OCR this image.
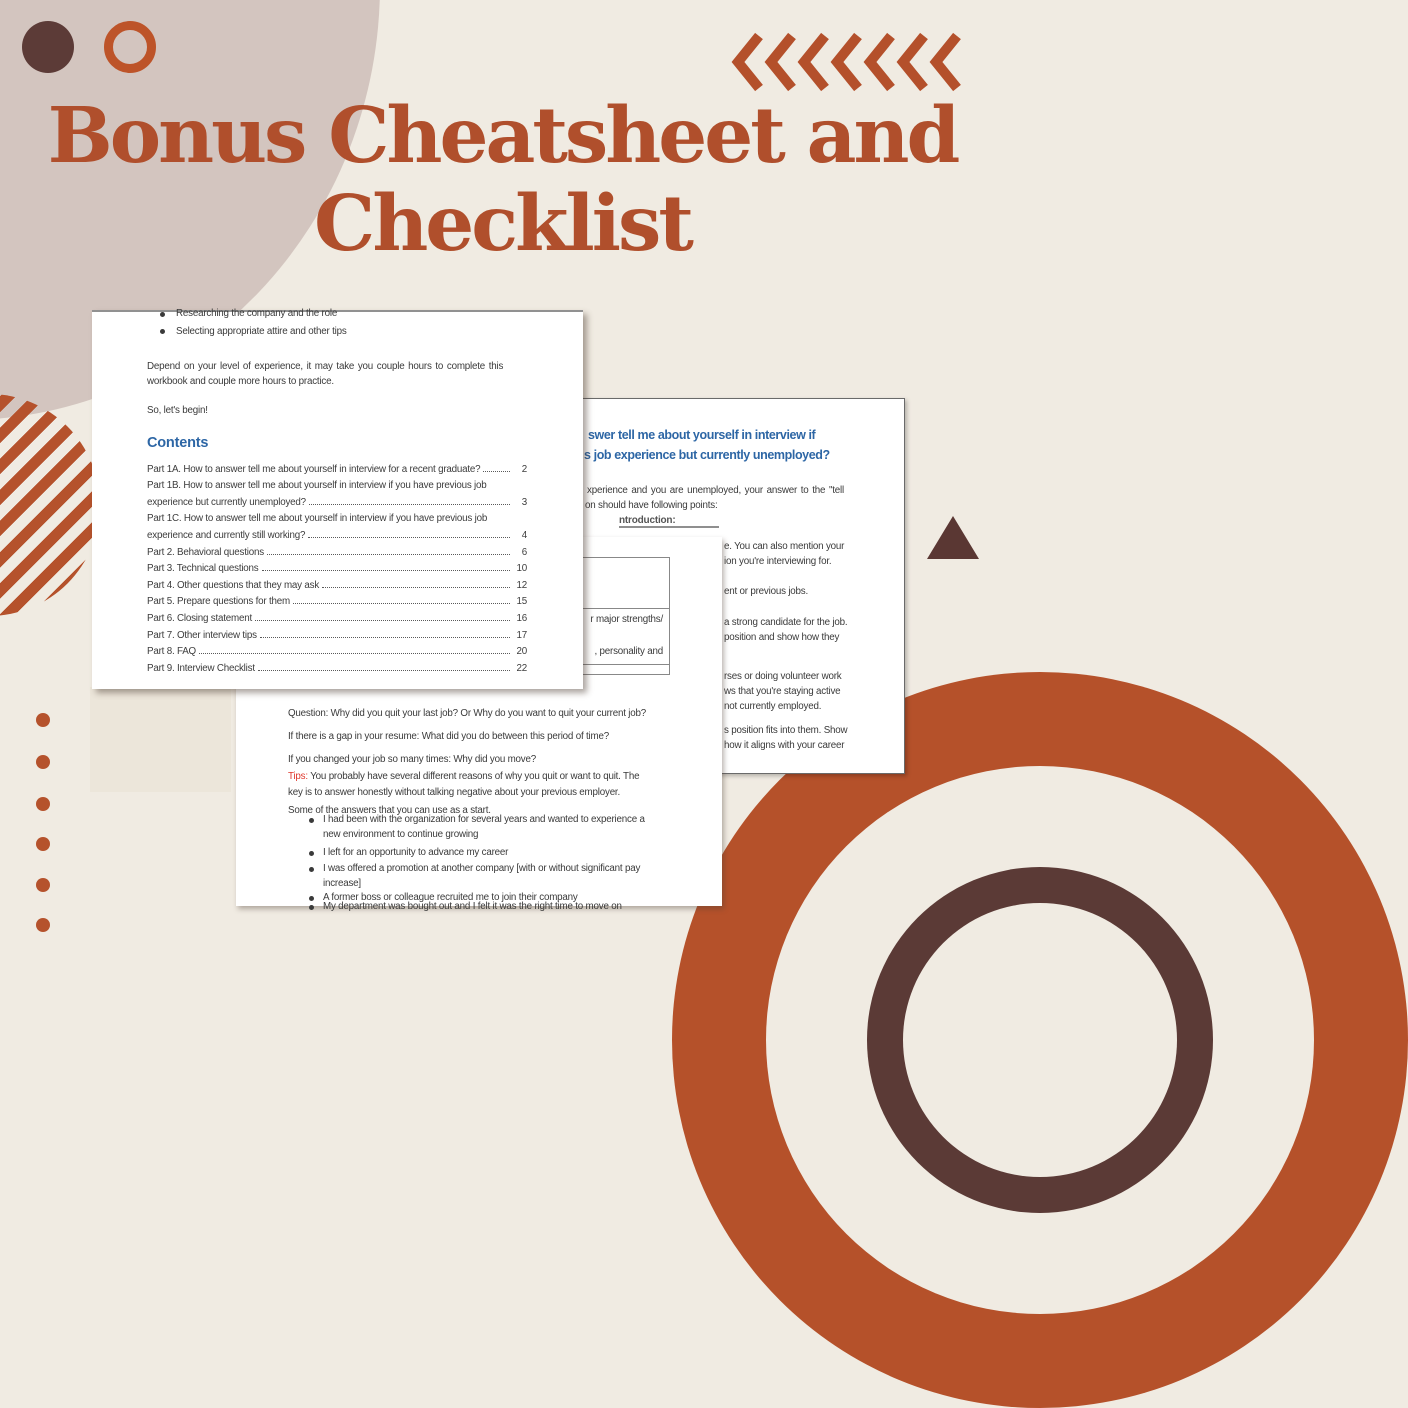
Bonus Cheatsheet and
Checklist
swer tell me about yourself in interview if
s job experience but currently unemployed?
xperience and you are unemployed, your answer to the "tell
on should have following points:
ntroduction:
e. You can also mention your
ion you're interviewing for.
ent or previous jobs.
a strong candidate for the job.
position and show how they
rses or doing volunteer work
ws that you're staying active
not currently employed.
s position fits into them. Show
how it aligns with your career
r major strengths/
, personality and
Question: Why did you quit your last job? Or Why do you want to quit your current job?
If there is a gap in your resume: What did you do between this period of time?
If you changed your job so many times: Why did you move?
Tips: You probably have several different reasons of why you quit or want to quit. The
key is to answer honestly without talking negative about your previous employer.
Some of the answers that you can use as a start.
I had been with the organization for several years and wanted to experience a
new environment to continue growing
I left for an opportunity to advance my career
I was offered a promotion at another company [with or without significant pay
increase]
A former boss or colleague recruited me to join their company
My department was bought out and I felt it was the right time to move on
Researching the company and the role
Selecting appropriate attire and other tips
Depend on your level of experience, it may take you couple hours to complete this
workbook and couple more hours to practice.
So, let's begin!
Contents
Part 1A. How to answer tell me about yourself in interview for a recent graduate?	2
Part 1B. How to answer tell me about yourself in interview if you have previous job
experience but currently unemployed?	3
Part 1C. How to answer tell me about yourself in interview if you have previous job
experience and currently still working?	4
Part 2. Behavioral questions	6
Part 3. Technical questions	10
Part 4. Other questions that they may ask	12
Part 5. Prepare questions for them	15
Part 6. Closing statement	16
Part 7. Other interview tips	17
Part 8. FAQ	20
Part 9. Interview Checklist	22
